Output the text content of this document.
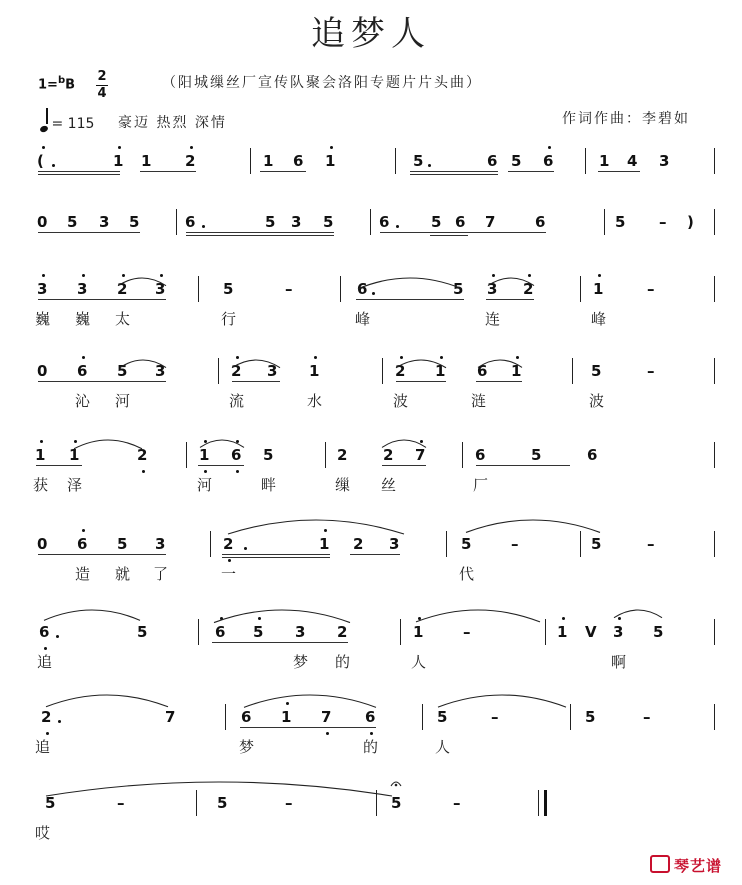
追梦人
1=$^b$B
2
4
（阳城缫丝厂宣传队聚会洛阳专题片片头曲）
= 115 豪迈 热烈 深情	作词作曲：李碧如
(	1 1 2	1 6 1	5	6 5 6	1 4 3
0 5 3 5	6	5 3 5	6	5 6 7	6	5 – )
3 3 2 3	5	–	6	5 3 2	1	–
巍 巍 太	行	峰	连	峰
0 6 5 3	2 3 1	2 1 6 1	5	–
沁 河	流	水	波	涟	波
1 1	2	1 6 5	2 2 7	6	5	6
获 泽	河	畔	缫 丝	厂
0 6 5 3	2	1 2 3	5	–	5	–
造 就 了	一	代
6	5	6 5 3 2	1	–	1 V 3 5
追	梦 的	人	啊
2	7	6 1 7 6	5	–	5	–
追	梦	的	人
5	–	5	–	5	–
哎
琴艺谱
